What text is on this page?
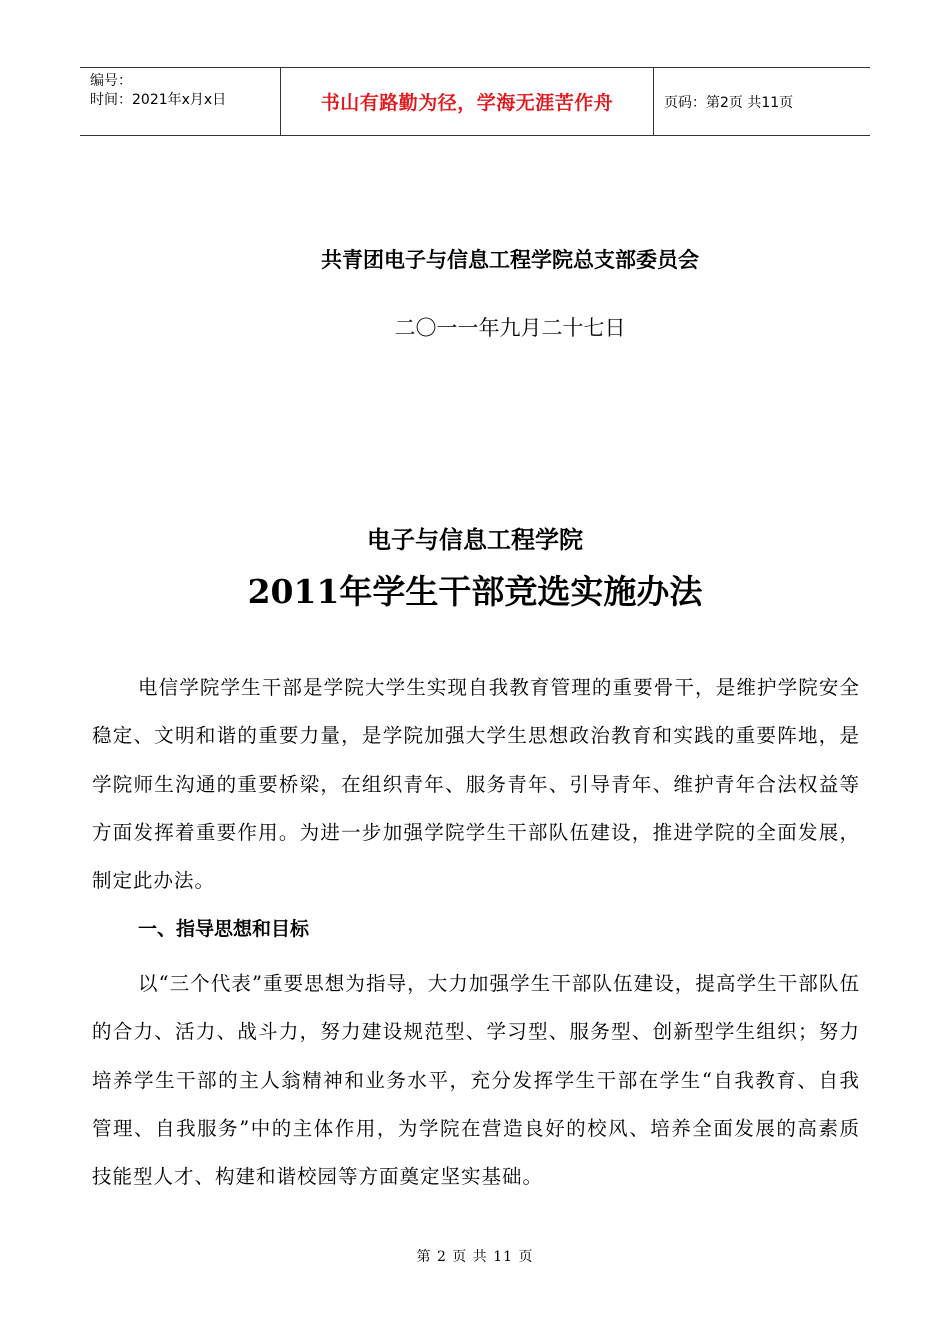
编号：
时间：2021年x月x日	书山有路勤为径，学海无涯苦作舟	页码：第2页 共11页
共青团电子与信息工程学院总支部委员会
二〇一一年九月二十七日
电子与信息工程学院
2011年学生干部竞选实施办法
电信学院学生干部是学院大学生实现自我教育管理的重要骨干，是维护学院安全稳定、文明和谐的重要力量，是学院加强大学生思想政治教育和实践的重要阵地，是学院师生沟通的重要桥梁，在组织青年、服务青年、引导青年、维护青年合法权益等方面发挥着重要作用。为进一步加强学院学生干部队伍建设，推进学院的全面发展，制定此办法。
一、指导思想和目标
以“三个代表”重要思想为指导，大力加强学生干部队伍建设，提高学生干部队伍的合力、活力、战斗力，努力建设规范型、学习型、服务型、创新型学生组织；努力培养学生干部的主人翁精神和业务水平，充分发挥学生干部在学生“自我教育、自我管理、自我服务”中的主体作用，为学院在营造良好的校风、培养全面发展的高素质技能型人才、构建和谐校园等方面奠定坚实基础。
第 2 页 共 11 页
